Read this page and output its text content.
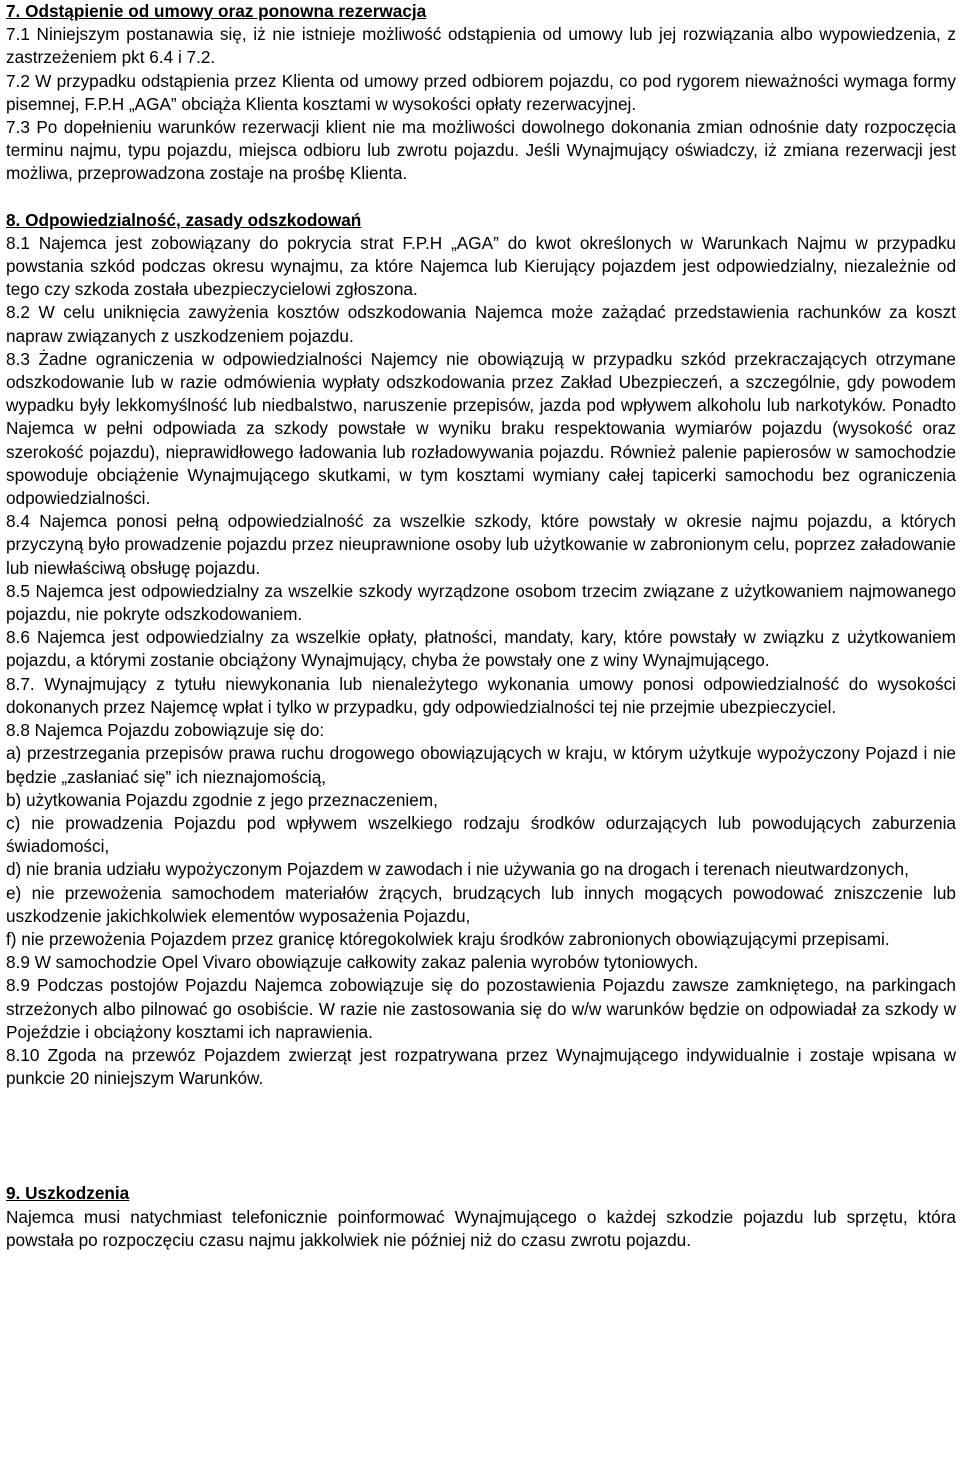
7. Odstąpienie od umowy oraz ponowna rezerwacja

7.1 Niniejszym postanawia się, iż nie istnieje możliwość odstąpienia od umowy lub jej rozwiązania albo wypowiedzenia, z zastrzeżeniem pkt 6.4 i 7.2.

7.2 W przypadku odstąpienia przez Klienta od umowy przed odbiorem pojazdu, co pod rygorem nieważności wymaga formy pisemnej, F.P.H „AGA” obciąża Klienta kosztami w wysokości opłaty rezerwacyjnej.

7.3 Po dopełnieniu warunków rezerwacji klient nie ma możliwości dowolnego dokonania zmian odnośnie daty rozpoczęcia terminu najmu, typu pojazdu, miejsca odbioru lub zwrotu pojazdu. Jeśli Wynajmujący oświadczy, iż zmiana rezerwacji jest możliwa, przeprowadzona zostaje na prośbę Klienta.

8. Odpowiedzialność, zasady odszkodowań

8.1 Najemca jest zobowiązany do pokrycia strat F.P.H „AGA” do kwot określonych w Warunkach Najmu w przypadku powstania szkód podczas okresu wynajmu, za które Najemca lub Kierujący pojazdem jest odpowiedzialny, niezależnie od tego czy szkoda została ubezpieczycielowi zgłoszona.

8.2 W celu uniknięcia zawyżenia kosztów odszkodowania Najemca może zażądać przedstawienia rachunków za koszt napraw związanych z uszkodzeniem pojazdu.

8.3 Żadne ograniczenia w odpowiedzialności Najemcy nie obowiązują w przypadku szkód przekraczających otrzymane odszkodowanie lub w razie odmówienia wypłaty odszkodowania przez Zakład Ubezpieczeń, a szczególnie, gdy powodem wypadku były lekkomyślność lub niedbalstwo, naruszenie przepisów, jazda pod wpływem alkoholu lub narkotyków. Ponadto Najemca w pełni odpowiada za szkody powstałe w wyniku braku respektowania wymiarów pojazdu (wysokość oraz szerokość pojazdu), nieprawidłowego ładowania lub rozładowywania pojazdu. Również palenie papierosów w samochodzie spowoduje obciążenie Wynajmującego skutkami, w tym kosztami wymiany całej tapicerki samochodu bez ograniczenia odpowiedzialności.

8.4 Najemca ponosi pełną odpowiedzialność za wszelkie szkody, które powstały w okresie najmu pojazdu, a których przyczyną było prowadzenie pojazdu przez nieuprawnione osoby lub użytkowanie w zabronionym celu, poprzez załadowanie lub niewłaściwą obsługę pojazdu.

8.5 Najemca jest odpowiedzialny za wszelkie szkody wyrządzone osobom trzecim związane z użytkowaniem najmowanego pojazdu, nie pokryte odszkodowaniem.

8.6 Najemca jest odpowiedzialny za wszelkie opłaty, płatności, mandaty, kary, które powstały w związku z użytkowaniem pojazdu, a którymi zostanie obciążony Wynajmujący, chyba że powstały one z winy Wynajmującego.

8.7. Wynajmujący z tytułu niewykonania lub nienależytego wykonania umowy ponosi odpowiedzialność do wysokości dokonanych przez Najemcę wpłat i tylko w przypadku, gdy odpowiedzialności tej nie przejmie ubezpieczyciel.

8.8 Najemca Pojazdu zobowiązuje się do:

a) przestrzegania przepisów prawa ruchu drogowego obowiązujących w kraju, w którym użytkuje wypożyczony Pojazd i nie będzie „zasłaniać się” ich nieznajomością,

b) użytkowania Pojazdu zgodnie z jego przeznaczeniem,

c) nie prowadzenia Pojazdu pod wpływem wszelkiego rodzaju środków odurzających lub powodujących zaburzenia świadomości,

d) nie brania udziału wypożyczonym Pojazdem w zawodach i nie używania go na drogach i terenach nieutwardzonych,

e) nie przewożenia samochodem materiałów żrących, brudzących lub innych mogących powodować zniszczenie lub uszkodzenie jakichkolwiek elementów wyposażenia Pojazdu,

f) nie przewożenia Pojazdem przez granicę któregokolwiek kraju środków zabronionych obowiązującymi przepisami.

8.9 W samochodzie Opel Vivaro obowiązuje całkowity zakaz palenia wyrobów tytoniowych.

8.9 Podczas postojów Pojazdu Najemca zobowiązuje się do pozostawienia Pojazdu zawsze zamkniętego, na parkingach strzeżonych albo pilnować go osobiście. W razie nie zastosowania się do w/w warunków będzie on odpowiadał za szkody w Pojeździe i obciążony kosztami ich naprawienia.

8.10 Zgoda na przewóz Pojazdem zwierząt jest rozpatrywana przez Wynajmującego indywidualnie i zostaje wpisana w punkcie 20 niniejszym Warunków.

9. Uszkodzenia

Najemca musi natychmiast telefonicznie poinformować Wynajmującego o każdej szkodzie pojazdu lub sprzętu, która powstała po rozpoczęciu czasu najmu jakkolwiek nie później niż do czasu zwrotu pojazdu.
